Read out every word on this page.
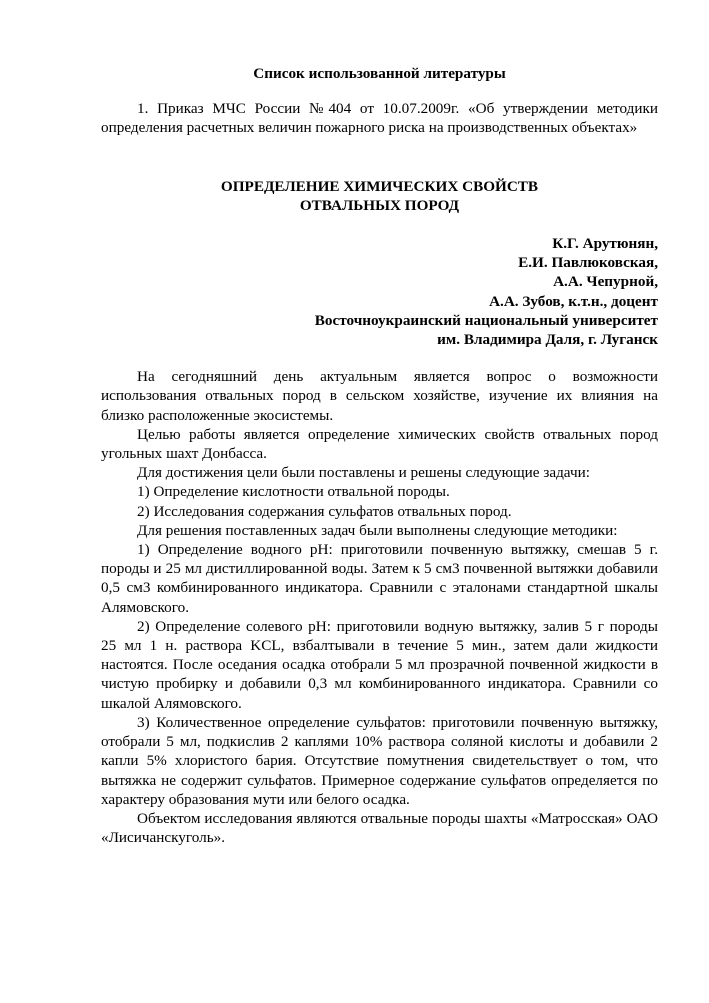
Список использованной литературы

1. Приказ МЧС России №404 от 10.07.2009г. «Об утверждении методики определения расчетных величин пожарного риска на производственных объектах»

ОПРЕДЕЛЕНИЕ ХИМИЧЕСКИХ СВОЙСТВ

ОТВАЛЬНЫХ ПОРОД

К.Г. Арутюнян,

Е.И. Павлюковская,

А.А. Чепурной,

А.А. Зубов, к.т.н., доцент

Восточноукраинский национальный университет

им. Владимира Даля, г. Луганск

На сегодняшний день актуальным является вопрос о возможности использования отвальных пород в сельском хозяйстве, изучение их влияния на близко расположенные экосистемы.

Целью работы является определение химических свойств отвальных пород угольных шахт Донбасса.

Для достижения цели были поставлены и решены следующие задачи:

1) Определение кислотности отвальной породы.

2) Исследования содержания сульфатов отвальных пород.

Для решения поставленных задач были выполнены следующие методики:

1) Определение водного pH: приготовили почвенную вытяжку, смешав 5 г. породы и 25 мл дистиллированной воды. Затем к 5 см3 почвенной вытяжки добавили 0,5 см3 комбинированного индикатора. Сравнили с эталонами стандартной шкалы Алямовского.

2) Определение солевого pH: приготовили водную вытяжку, залив 5 г породы 25 мл 1 н. раствора KCL, взбалтывали в течение 5 мин., затем дали жидкости настоятся. После оседания осадка отобрали 5 мл прозрачной почвенной жидкости в чистую пробирку и добавили 0,3 мл комбинированного индикатора. Сравнили со шкалой Алямовского.

3) Количественное определение сульфатов: приготовили почвенную вытяжку, отобрали 5 мл, подкислив 2 каплями 10% раствора соляной кислоты и добавили 2 капли 5% хлористого бария. Отсутствие помутнения свидетельствует о том, что вытяжка не содержит сульфатов. Примерное содержание сульфатов определяется по характеру образования мути или белого осадка.

Объектом исследования являются отвальные породы шахты «Матросская» ОАО «Лисичанскуголь».
